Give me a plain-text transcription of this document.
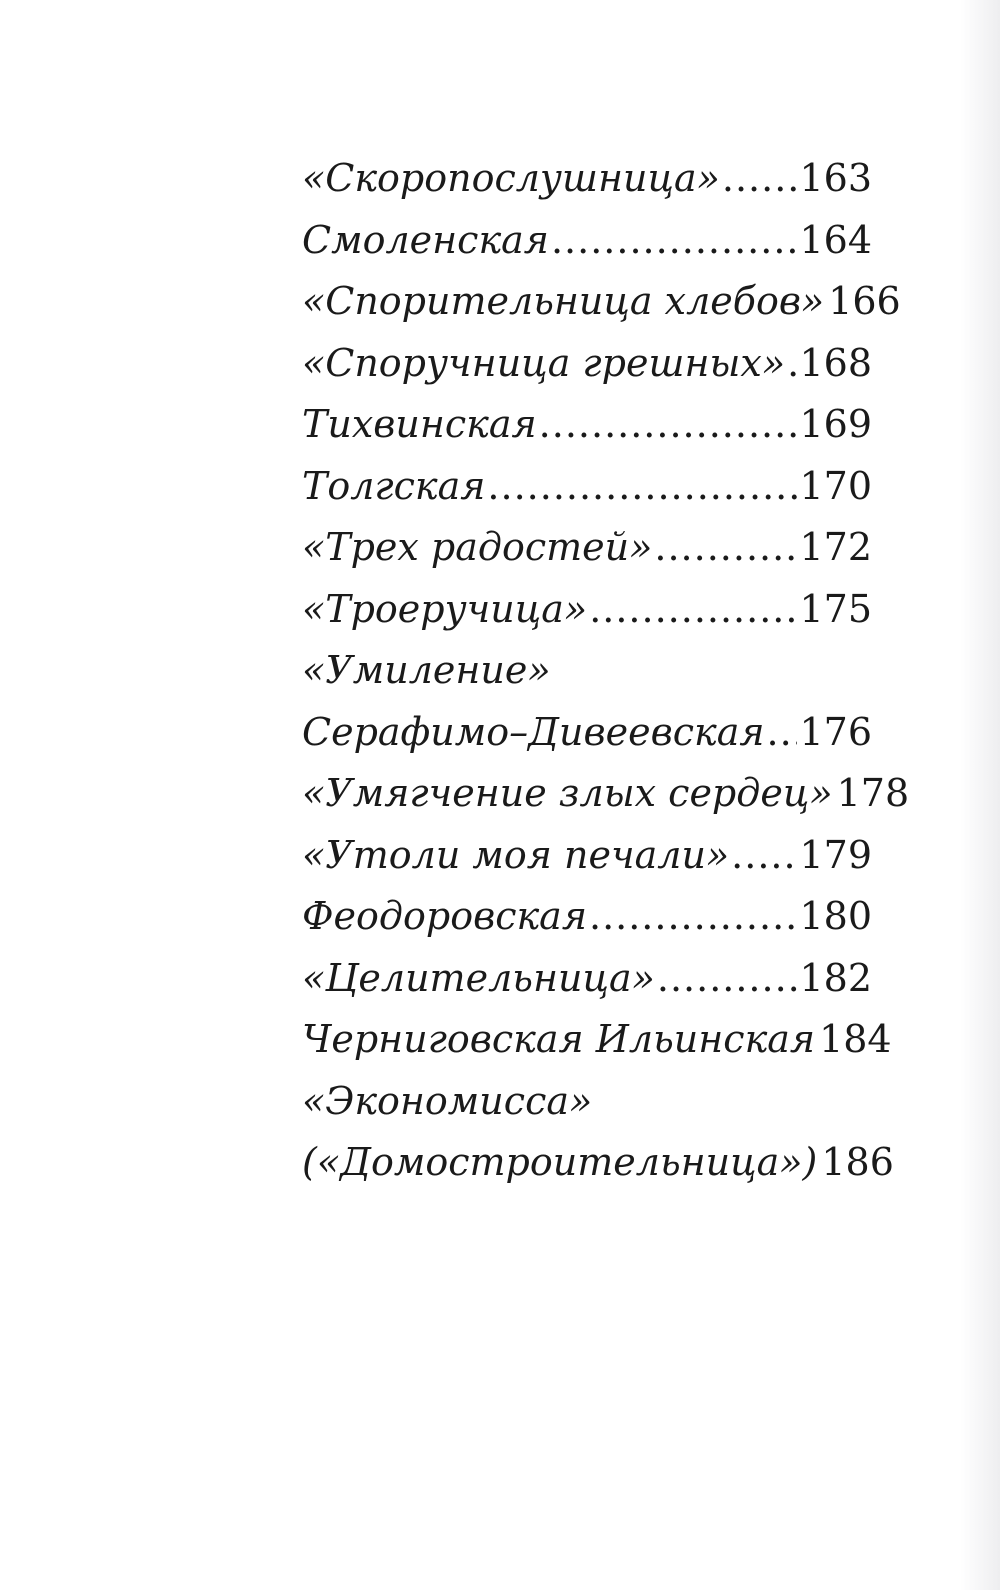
«Скоропослушница» ..... 163
Смоленская .....	164
«Спорительница хлебов» 166
«Споручница грешных» ..... 168
Тихвинская .....	169
Толгская .....	170
«Трех радостей» .....	172
«Троеручица» .....	175
«Умиление»
Серафимо–Дивеевская ..... 176
«Умягчение злых сердец» 178
«Утоли моя печали» ..... 179
Феодоровская .....	180
«Целительница» .....	182
Черниговская Ильинская 184
«Экономисса»
(«Домостроительница») 186
